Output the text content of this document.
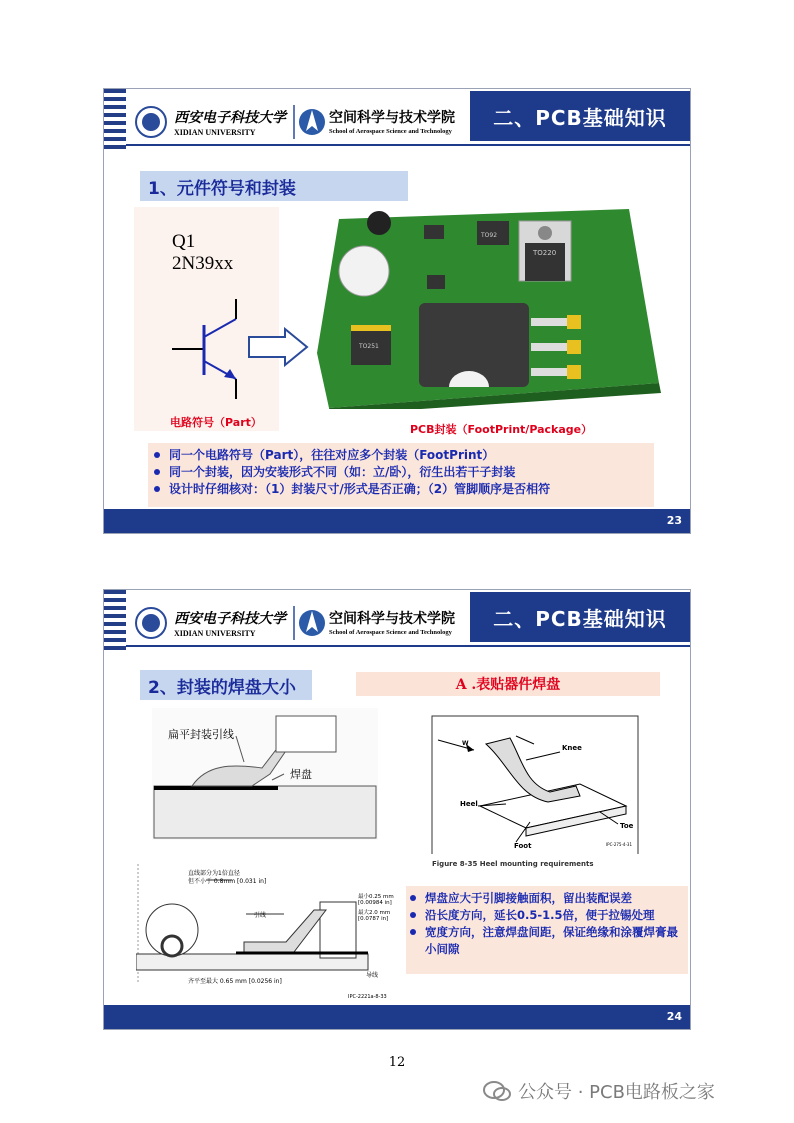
西安电子科技大学
XIDIAN UNIVERSITY
空间科学与技术学院
School of Aerospace Science and Technology
二、PCB基础知识
1、元件符号和封装
Q1
2N39xx
电路符号（Part）
TO92
TO220
TO251
PCB封装（FootPrint/Package）
同一个电路符号（Part），往往对应多个封装（FootPrint）
同一个封装，因为安装形式不同（如：立/卧），衍生出若干子封装
设计时仔细核对：（1）封装尺寸/形式是否正确；（2）管脚顺序是否相符
23
西安电子科技大学
XIDIAN UNIVERSITY
空间科学与技术学院
School of Aerospace Science and Technology
二、PCB基础知识
2、封装的焊盘大小	A .表贴器件焊盘
扁平封装引线
焊盘
W
Knee
Heel
Foot
Toe
IPC-275-4-31
Figure 8-35 Heel mounting requirements
直线部分为1倍直径
但不小于 0.8mm [0.031 in]
引线
最小0.25 mm
[0.00984 in]
最大2.0 mm
[0.0787 in]
导线
齐平至最大 0.65 mm [0.0256 in]
IPC-2221a-8-33
焊盘应大于引脚接触面积，留出装配误差
沿长度方向，延长0.5-1.5倍，便于拉锡处理
宽度方向，注意焊盘间距，保证绝缘和涂覆焊膏最小间隙
24
12
公众号 · PCB电路板之家
